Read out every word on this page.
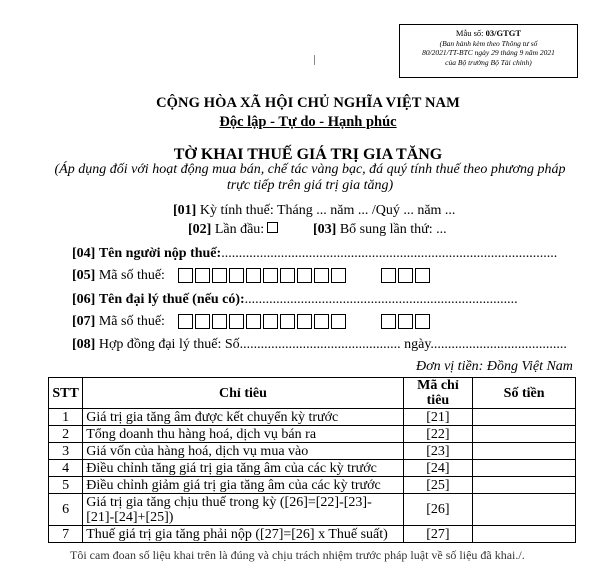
Mẫu số: 03/GTGT
(Ban hành kèm theo Thông tư số
80/2021/TT-BTC ngày 29 tháng 9 năm 2021
của Bộ trưởng Bộ Tài chính)
CỘNG HÒA XÃ HỘI CHỦ NGHĨA VIỆT NAM
Độc lập - Tự do - Hạnh phúc
TỜ KHAI THUẾ GIÁ TRỊ GIA TĂNG
(Áp dụng đối với hoạt động mua bán, chế tác vàng bạc, đá quý tính thuế theo phương pháp
trực tiếp trên giá trị gia tăng)
[01] Kỳ tính thuế: Tháng ... năm ... /Quý ... năm ...
[02] Lần đầu:	[03] Bổ sung lần thứ: ...
[04] Tên người nộp thuế:................................................................................................
[05] Mã số thuế:
[06] Tên đại lý thuế (nếu có):..............................................................................
[07] Mã số thuế:
[08] Hợp đồng đại lý thuế: Số.............................................. ngày.......................................
Đơn vị tiền: Đồng Việt Nam
STT	Chỉ tiêu	Mã chỉ tiêu	Số tiền
1	Giá trị gia tăng âm được kết chuyển kỳ trước	[21]	
2	Tổng doanh thu hàng hoá, dịch vụ bán ra	[22]	
3	Giá vốn của hàng hoá, dịch vụ mua vào	[23]	
4	Điều chỉnh tăng giá trị gia tăng âm của các kỳ trước	[24]	
5	Điều chỉnh giảm giá trị gia tăng âm của các kỳ trước	[25]	
6	Giá trị gia tăng chịu thuế trong kỳ ([26]=[22]-[23]-[21]-[24]+[25])	[26]	
7	Thuế giá trị gia tăng phải nộp ([27]=[26] x Thuế suất)	[27]	
Tôi cam đoan số liệu khai trên là đúng và chịu trách nhiệm trước pháp luật về số liệu đã khai./.
